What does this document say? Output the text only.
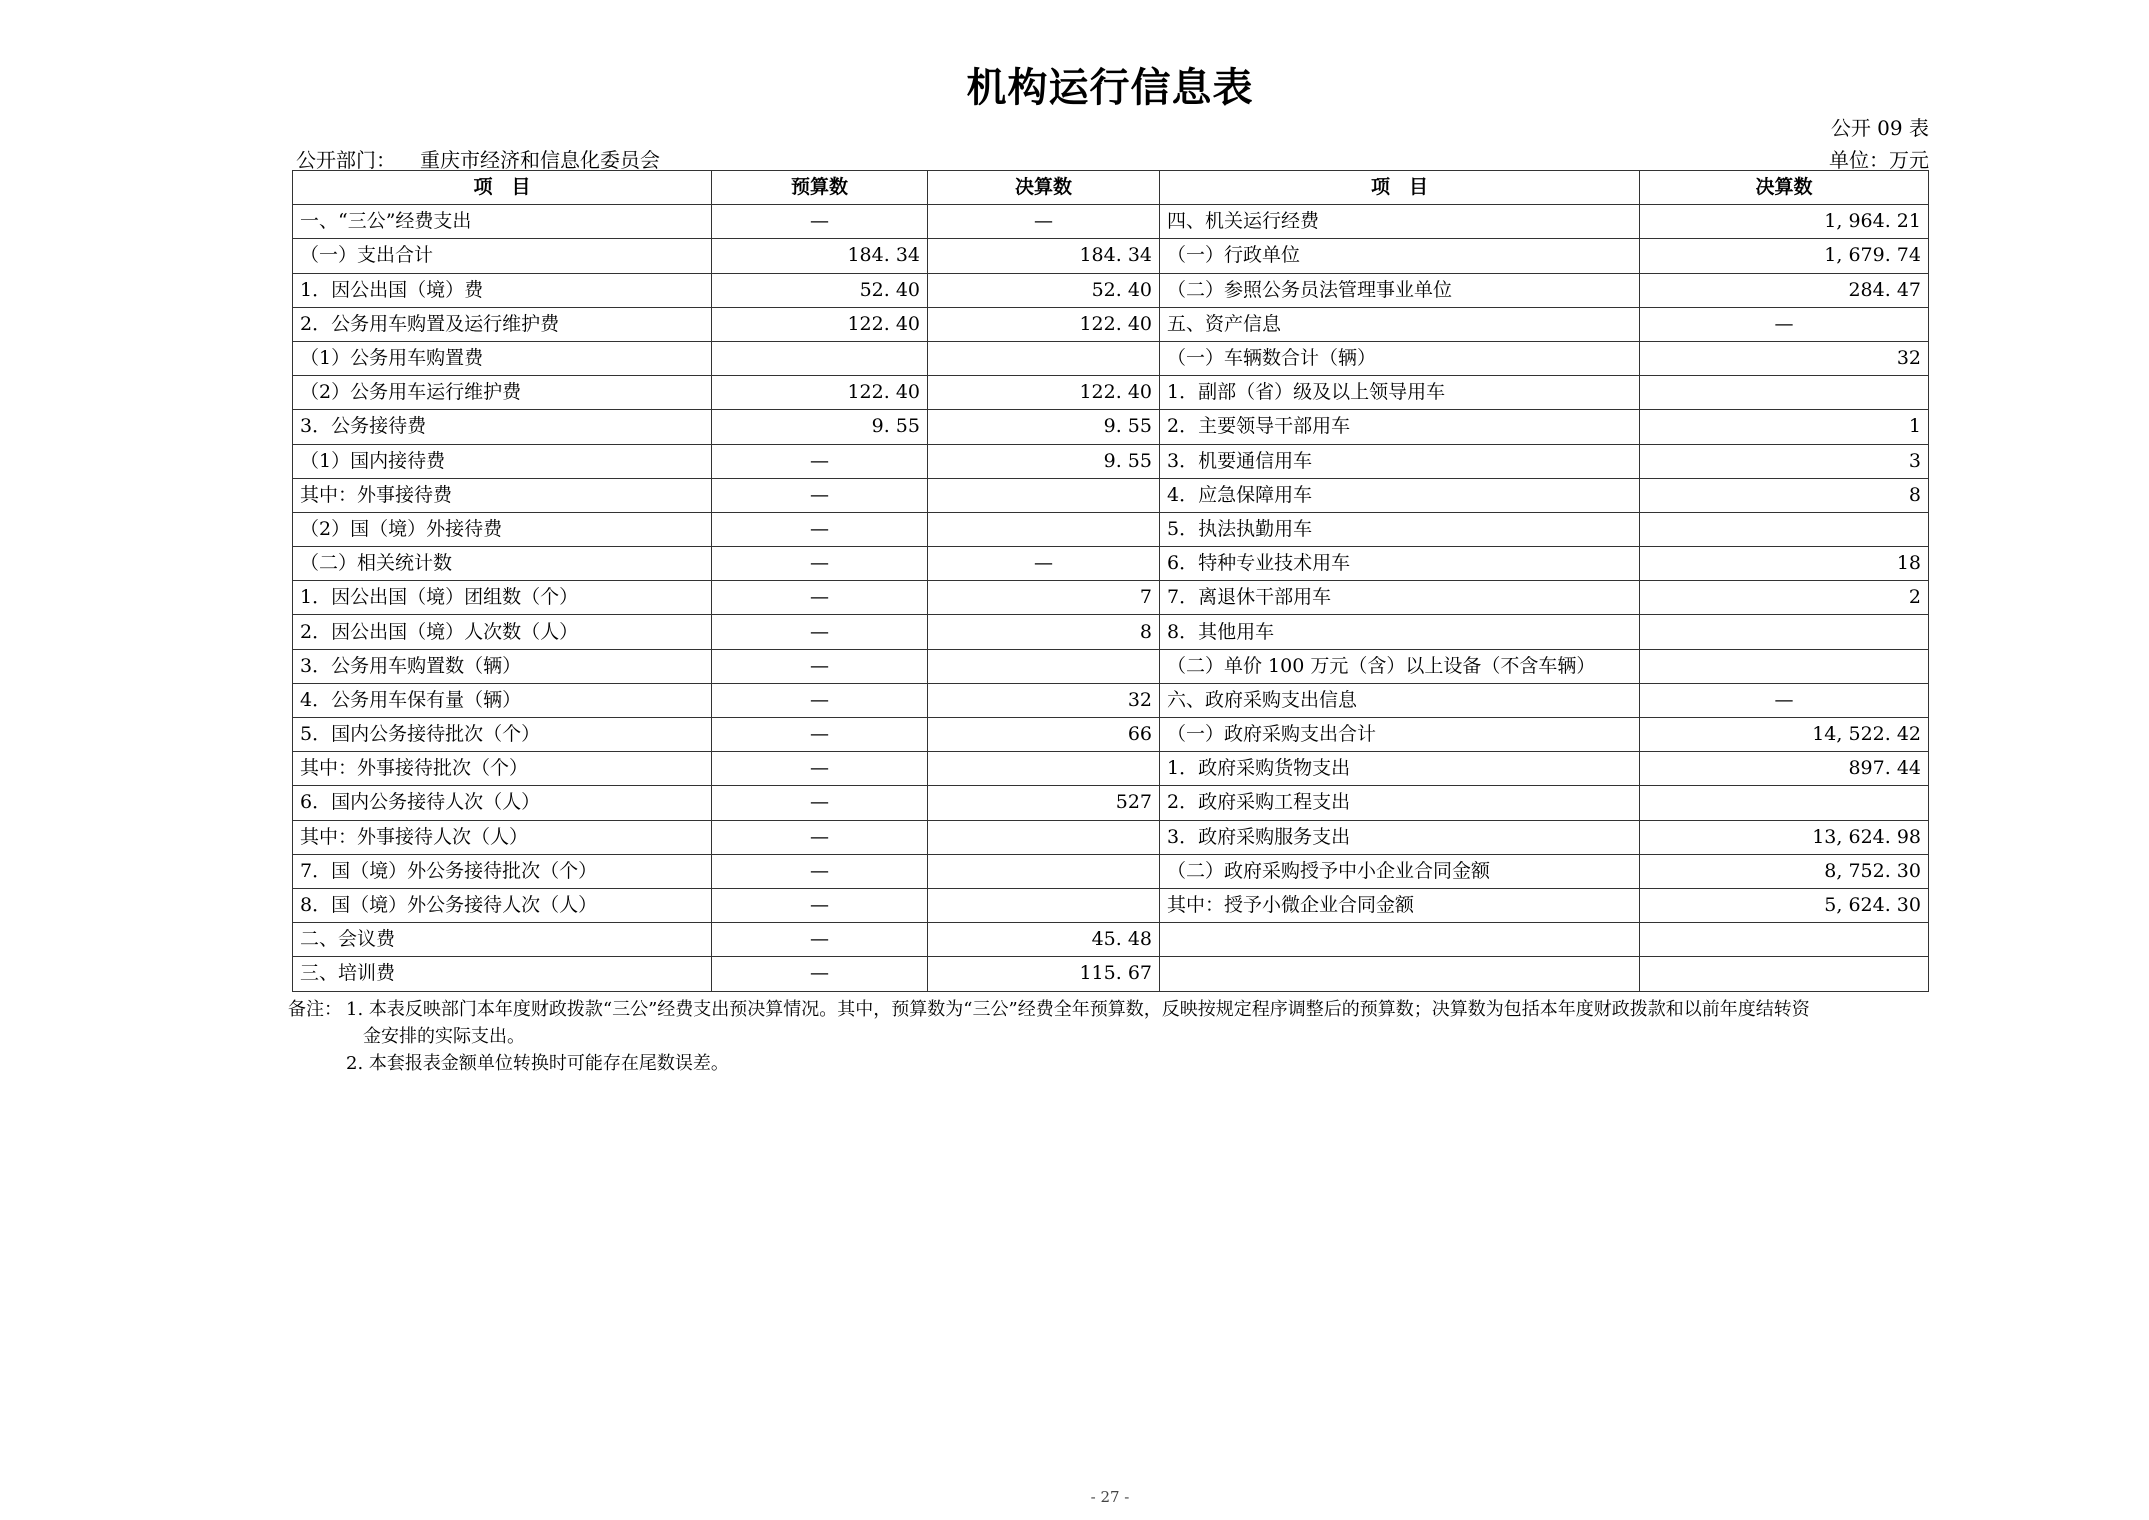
机构运行信息表
公开 09 表
公开部门： 重庆市经济和信息化委员会	单位：万元
项　目	预算数	决算数	项　目	决算数
一、“三公”经费支出	—	—	四、机关运行经费	1, 964. 21
（一）支出合计	184. 34	184. 34	（一）行政单位	1, 679. 74
1．因公出国（境）费	52. 40	52. 40	（二）参照公务员法管理事业单位	284. 47
2．公务用车购置及运行维护费	122. 40	122. 40	五、资产信息	—
（1）公务用车购置费			（一）车辆数合计（辆）	32
（2）公务用车运行维护费	122. 40	122. 40	1．副部（省）级及以上领导用车	
3．公务接待费	9. 55	9. 55	2．主要领导干部用车	1
（1）国内接待费	—	9. 55	3．机要通信用车	3
其中：外事接待费	—		4．应急保障用车	8
（2）国（境）外接待费	—		5．执法执勤用车	
（二）相关统计数	—	—	6．特种专业技术用车	18
1．因公出国（境）团组数（个）	—	7	7．离退休干部用车	2
2．因公出国（境）人次数（人）	—	8	8．其他用车	
3．公务用车购置数（辆）	—		（二）单价 100 万元（含）以上设备（不含车辆）	
4．公务用车保有量（辆）	—	32	六、政府采购支出信息	—
5．国内公务接待批次（个）	—	66	（一）政府采购支出合计	14, 522. 42
其中：外事接待批次（个）	—		1．政府采购货物支出	897. 44
6．国内公务接待人次（人）	—	527	2．政府采购工程支出	
其中：外事接待人次（人）	—		3．政府采购服务支出	13, 624. 98
7．国（境）外公务接待批次（个）	—		（二）政府采购授予中小企业合同金额	8, 752. 30
8．国（境）外公务接待人次（人）	—		其中：授予小微企业合同金额	5, 624. 30
二、会议费	—	45. 48		
三、培训费	—	115. 67		
备注： 1. 本表反映部门本年度财政拨款“三公”经费支出预决算情况。其中，预算数为“三公”经费全年预算数，反映按规定程序调整后的预算数；决算数为包括本年度财政拨款和以前年度结转资
金安排的实际支出。
2. 本套报表金额单位转换时可能存在尾数误差。
- 27 -
